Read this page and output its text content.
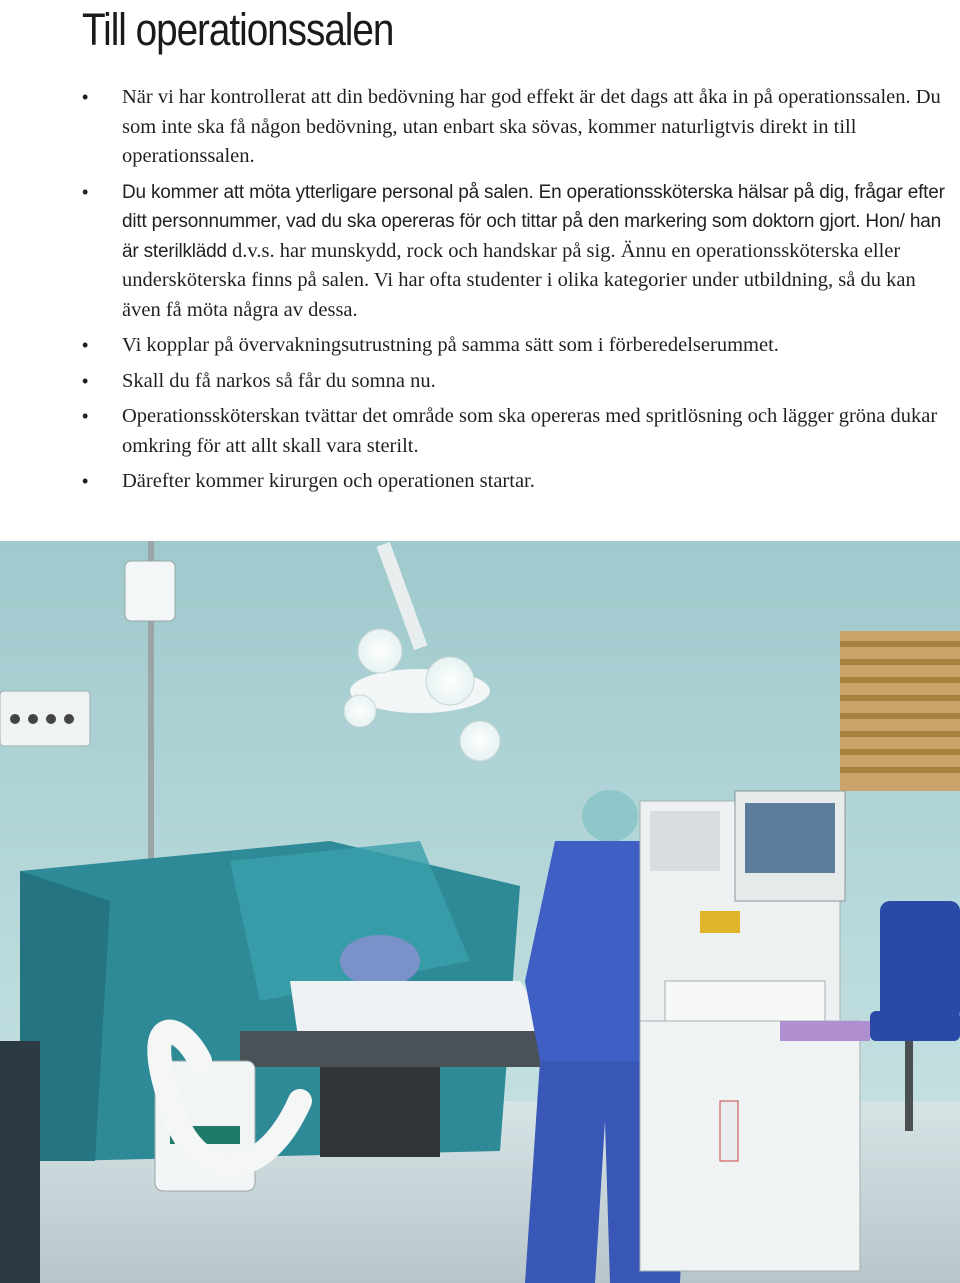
Till operationssalen
• När vi har kontrollerat att din bedövning har god effekt är det dags att åka in på operationssalen. Du som inte ska få någon bedövning, utan enbart ska sövas, kommer naturligtvis direkt in till operationssalen.
• Du kommer att möta ytterligare personal på salen. En operationssköterska hälsar på dig, frågar efter ditt personnummer, vad du ska opereras för och tittar på den markering som doktorn gjort. Hon/ han är sterilklädd d.v.s. har munskydd, rock och handskar på sig. Ännu en operationssköterska eller undersköterska finns på salen. Vi har ofta studenter i olika kategorier under utbildning, så du kan även få möta några av dessa.
• Vi kopplar på övervakningsutrustning på samma sätt som i förberedelserummet.
• Skall du få narkos så får du somna nu.
• Operationssköterskan tvättar det område som ska opereras med spritlösning och lägger gröna dukar omkring för att allt skall vara sterilt.
• Därefter kommer kirurgen och operationen startar.
